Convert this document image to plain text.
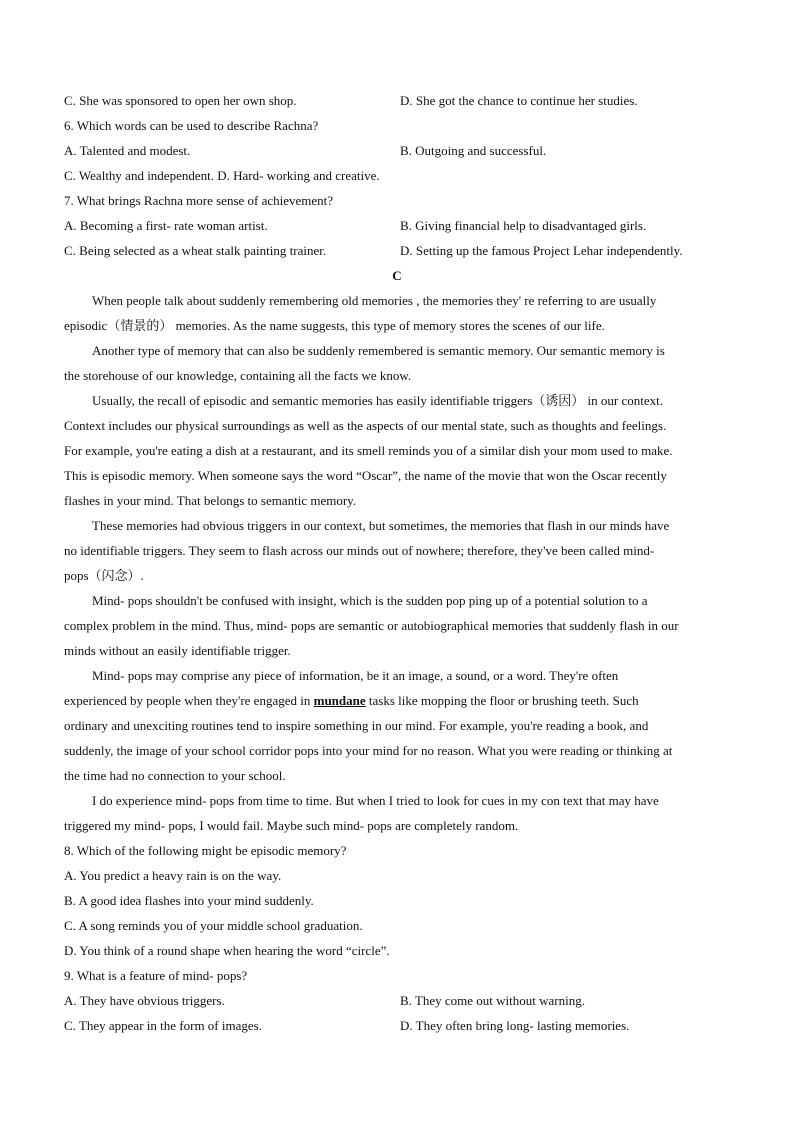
C. She was sponsored to open her own shop.	D. She got the chance to continue her studies.
6. Which words can be used to describe Rachna?
A. Talented and modest.	B. Outgoing and successful.
C. Wealthy and independent. D. Hard- working and creative.
7. What brings Rachna more sense of achievement?
A. Becoming a first- rate woman artist.	B. Giving financial help to disadvantaged girls.
C. Being selected as a wheat stalk painting trainer.	D. Setting up the famous Project Lehar independently.
C
When people talk about suddenly remembering old memories , the memories they' re referring to are usually
episodic（情景的） memories. As the name suggests, this type of memory stores the scenes of our life.
Another type of memory that can also be suddenly remembered is semantic memory. Our semantic memory is
the storehouse of our knowledge, containing all the facts we know.
Usually, the recall of episodic and semantic memories has easily identifiable triggers（诱因） in our context.
Context includes our physical surroundings as well as the aspects of our mental state, such as thoughts and feelings.
For example, you're eating a dish at a restaurant, and its smell reminds you of a similar dish your mom used to make.
This is episodic memory. When someone says the word “Oscar”, the name of the movie that won the Oscar recently
flashes in your mind. That belongs to semantic memory.
These memories had obvious triggers in our context, but sometimes, the memories that flash in our minds have
no identifiable triggers. They seem to flash across our minds out of nowhere; therefore, they've been called mind-
pops（闪念）.
Mind- pops shouldn't be confused with insight, which is the sudden pop ping up of a potential solution to a
complex problem in the mind. Thus, mind- pops are semantic or autobiographical memories that suddenly flash in our
minds without an easily identifiable trigger.
Mind- pops may comprise any piece of information, be it an image, a sound, or a word. They're often
experienced by people when they're engaged in mundane tasks like mopping the floor or brushing teeth. Such
ordinary and unexciting routines tend to inspire something in our mind. For example, you're reading a book, and
suddenly, the image of your school corridor pops into your mind for no reason. What you were reading or thinking at
the time had no connection to your school.
I do experience mind- pops from time to time. But when I tried to look for cues in my con text that may have
triggered my mind- pops, I would fail. Maybe such mind- pops are completely random.
8. Which of the following might be episodic memory?
A. You predict a heavy rain is on the way.
B. A good idea flashes into your mind suddenly.
C. A song reminds you of your middle school graduation.
D. You think of a round shape when hearing the word “circle”.
9. What is a feature of mind- pops?
A. They have obvious triggers.	B. They come out without warning.
C. They appear in the form of images.	D. They often bring long- lasting memories.
